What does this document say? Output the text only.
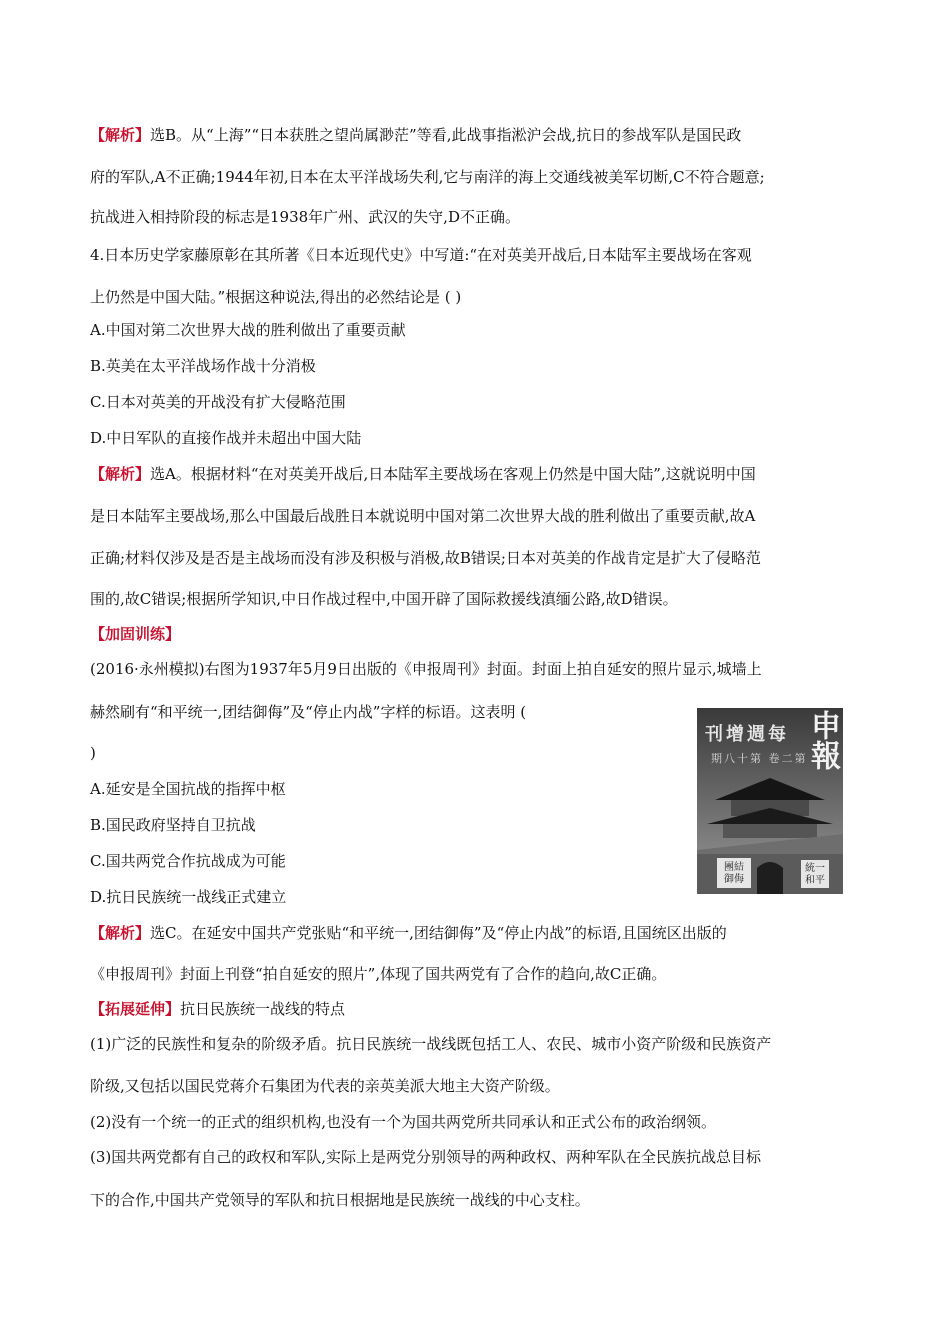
【解析】选B。从“上海”“日本获胜之望尚属渺茫”等看,此战事指淞沪会战,抗日的参战军队是国民政
府的军队,A不正确;1944年初,日本在太平洋战场失利,它与南洋的海上交通线被美军切断,C不符合题意;
抗战进入相持阶段的标志是1938年广州、武汉的失守,D不正确。
4.日本历史学家藤原彰在其所著《日本近现代史》中写道:“在对英美开战后,日本陆军主要战场在客观
上仍然是中国大陆。”根据这种说法,得出的必然结论是 ( )
A.中国对第二次世界大战的胜利做出了重要贡献
B.英美在太平洋战场作战十分消极
C.日本对英美的开战没有扩大侵略范围
D.中日军队的直接作战并未超出中国大陆
【解析】选A。根据材料“在对英美开战后,日本陆军主要战场在客观上仍然是中国大陆”,这就说明中国
是日本陆军主要战场,那么中国最后战胜日本就说明中国对第二次世界大战的胜利做出了重要贡献,故A
正确;材料仅涉及是否是主战场而没有涉及积极与消极,故B错误;日本对英美的作战肯定是扩大了侵略范
围的,故C错误;根据所学知识,中日作战过程中,中国开辟了国际救援线滇缅公路,故D错误。
【加固训练】
(2016·永州模拟)右图为1937年5月9日出版的《申报周刊》封面。封面上拍自延安的照片显示,城墙上
赫然刷有“和平统一,团结御侮”及“停止内战”字样的标语。这表明 (
)
A.延安是全国抗战的指挥中枢
B.国民政府坚持自卫抗战
C.国共两党合作抗战成为可能
D.抗日民族统一战线正式建立
刊增週每
期八十第 卷二第
申報
團結 御侮
統一 和平
【解析】选C。在延安中国共产党张贴“和平统一,团结御侮”及“停止内战”的标语,且国统区出版的
《申报周刊》封面上刊登“拍自延安的照片”,体现了国共两党有了合作的趋向,故C正确。
【拓展延伸】抗日民族统一战线的特点
(1)广泛的民族性和复杂的阶级矛盾。抗日民族统一战线既包括工人、农民、城市小资产阶级和民族资产
阶级,又包括以国民党蒋介石集团为代表的亲英美派大地主大资产阶级。
(2)没有一个统一的正式的组织机构,也没有一个为国共两党所共同承认和正式公布的政治纲领。
(3)国共两党都有自己的政权和军队,实际上是两党分别领导的两种政权、两种军队在全民族抗战总目标
下的合作,中国共产党领导的军队和抗日根据地是民族统一战线的中心支柱。
